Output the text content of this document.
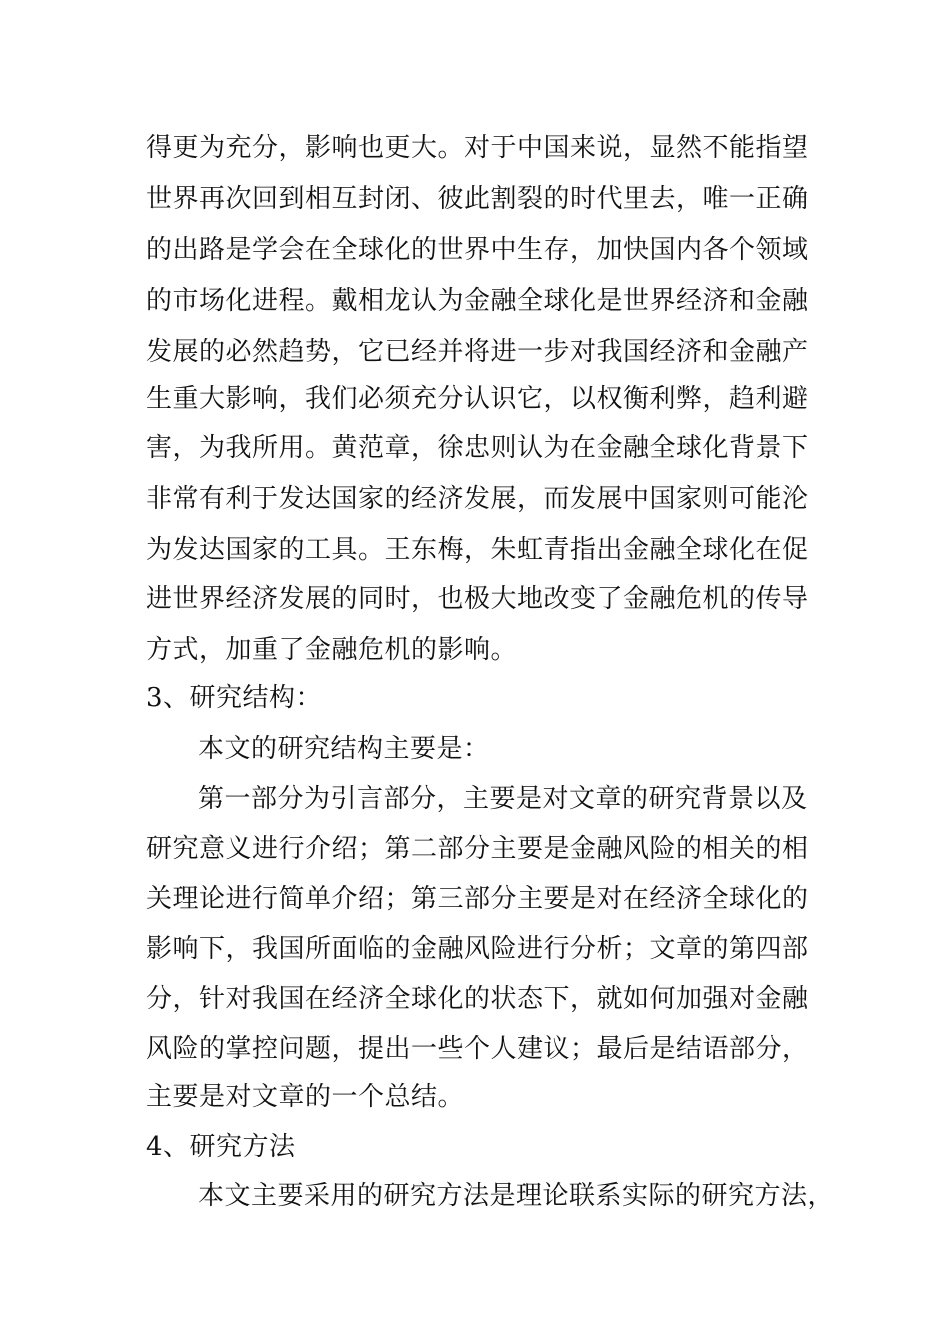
得更为充分，影响也更大。对于中国来说，显然不能指望

世界再次回到相互封闭、彼此割裂的时代里去，唯一正确

的出路是学会在全球化的世界中生存，加快国内各个领域

的市场化进程。戴相龙认为金融全球化是世界经济和金融

发展的必然趋势，它已经并将进一步对我国经济和金融产

生重大影响，我们必须充分认识它，以权衡利弊，趋利避

害，为我所用。黄范章，徐忠则认为在金融全球化背景下

非常有利于发达国家的经济发展，而发展中国家则可能沦

为发达国家的工具。王东梅，朱虹青指出金融全球化在促

进世界经济发展的同时，也极大地改变了金融危机的传导

方式，加重了金融危机的影响。

3、研究结构：

本文的研究结构主要是：

第一部分为引言部分，主要是对文章的研究背景以及

研究意义进行介绍；第二部分主要是金融风险的相关的相

关理论进行简单介绍；第三部分主要是对在经济全球化的

影响下，我国所面临的金融风险进行分析；文章的第四部

分，针对我国在经济全球化的状态下，就如何加强对金融

风险的掌控问题，提出一些个人建议；最后是结语部分，

主要是对文章的一个总结。

4、研究方法

本文主要采用的研究方法是理论联系实际的研究方法，
